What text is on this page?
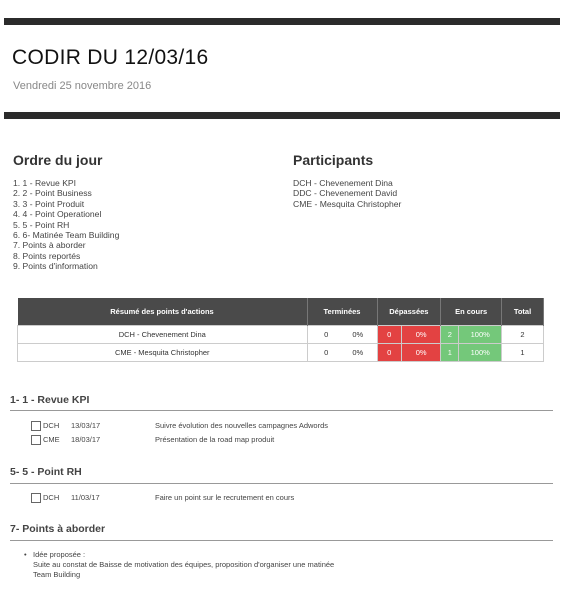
CODIR DU 12/03/16
Vendredi 25 novembre 2016
Ordre du jour
1. 1 - Revue KPI
2. 2 - Point Business
3. 3 - Point Produit
4. 4 - Point Operationel
5. 5 - Point RH
6. 6- Matinée Team Building
7. Points à aborder
8. Points reportés
9. Points d'information
Participants
DCH - Chevenement Dina
DDC - Chevenement David
CME - Mesquita Christopher
Résumé des points d'actions	Terminées	Dépassées		En cours		Total
DCH - Chevenement Dina	0 0%	0	0%	2	100%	2
CME - Mesquita Christopher	0 0%	0	0%	1	100%	1
1- 1 - Revue KPI
DCH 13/03/17	Suivre évolution des nouvelles campagnes Adwords
CME 18/03/17	Présentation de la road map produit
5- 5 - Point RH
DCH 11/03/17	Faire un point sur le recrutement en cours
7- Points à aborder
• Idée proposée :
Suite au constat de Baisse de motivation des équipes, proposition d'organiser une matinée
Team Building
